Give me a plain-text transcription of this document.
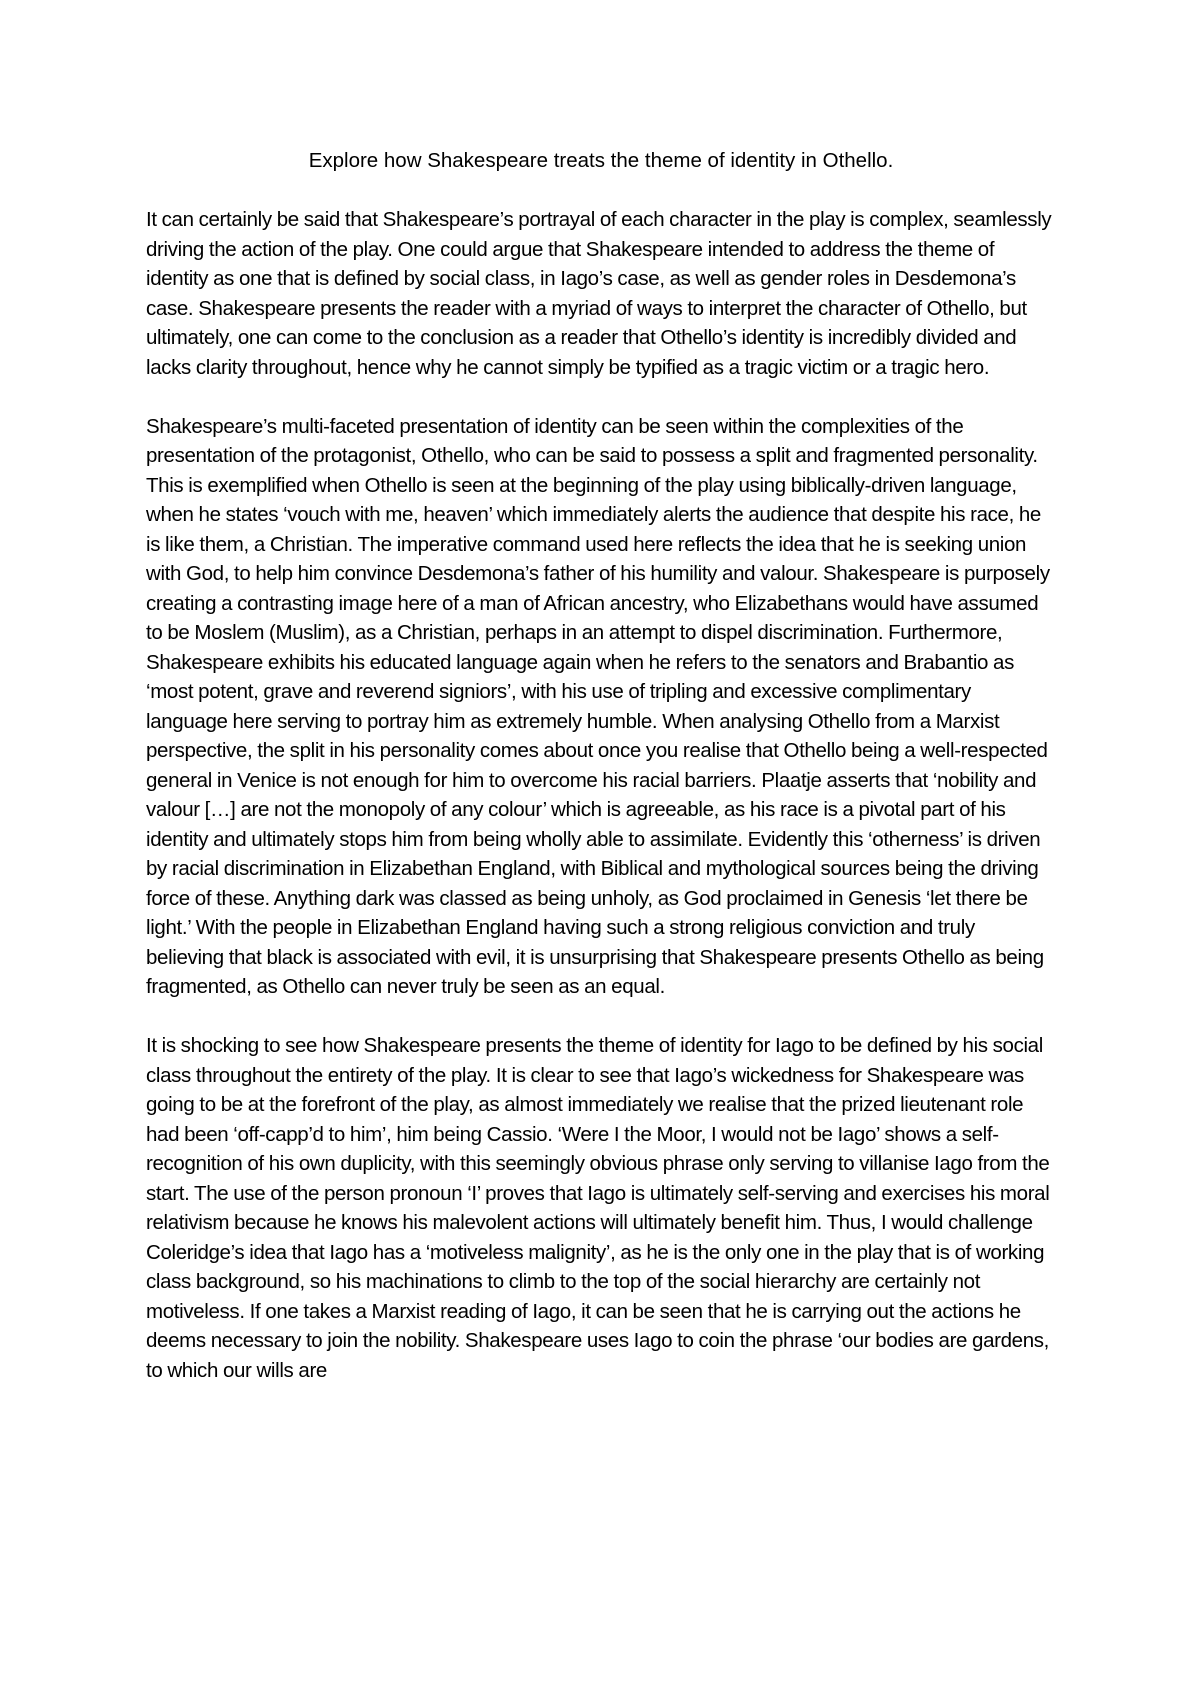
Explore how Shakespeare treats the theme of identity in Othello.

It can certainly be said that Shakespeare’s portrayal of each character in the play is complex, seamlessly driving the action of the play. One could argue that Shakespeare intended to address the theme of identity as one that is defined by social class, in Iago’s case, as well as gender roles in Desdemona’s case. Shakespeare presents the reader with a myriad of ways to interpret the character of Othello, but ultimately, one can come to the conclusion as a reader that Othello’s identity is incredibly divided and lacks clarity throughout, hence why he cannot simply be typified as a tragic victim or a tragic hero.

Shakespeare’s multi-faceted presentation of identity can be seen within the complexities of the presentation of the protagonist, Othello, who can be said to possess a split and fragmented personality. This is exemplified when Othello is seen at the beginning of the play using biblically-driven language, when he states ‘vouch with me, heaven’ which immediately alerts the audience that despite his race, he is like them, a Christian. The imperative command used here reflects the idea that he is seeking union with God, to help him convince Desdemona’s father of his humility and valour. Shakespeare is purposely creating a contrasting image here of a man of African ancestry, who Elizabethans would have assumed to be Moslem (Muslim), as a Christian, perhaps in an attempt to dispel discrimination. Furthermore, Shakespeare exhibits his educated language again when he refers to the senators and Brabantio as ‘most potent, grave and reverend signiors’, with his use of tripling and excessive complimentary language here serving to portray him as extremely humble. When analysing Othello from a Marxist perspective, the split in his personality comes about once you realise that Othello being a well-respected general in Venice is not enough for him to overcome his racial barriers. Plaatje asserts that ‘nobility and valour […] are not the monopoly of any colour’ which is agreeable, as his race is a pivotal part of his identity and ultimately stops him from being wholly able to assimilate. Evidently this ‘otherness’ is driven by racial discrimination in Elizabethan England, with Biblical and mythological sources being the driving force of these. Anything dark was classed as being unholy, as God proclaimed in Genesis ‘let there be light.’ With the people in Elizabethan England having such a strong religious conviction and truly believing that black is associated with evil, it is unsurprising that Shakespeare presents Othello as being fragmented, as Othello can never truly be seen as an equal.

It is shocking to see how Shakespeare presents the theme of identity for Iago to be defined by his social class throughout the entirety of the play. It is clear to see that Iago’s wickedness for Shakespeare was going to be at the forefront of the play, as almost immediately we realise that the prized lieutenant role had been ‘off-capp’d to him’, him being Cassio. ‘Were I the Moor, I would not be Iago’ shows a self-recognition of his own duplicity, with this seemingly obvious phrase only serving to villanise Iago from the start. The use of the person pronoun ‘I’ proves that Iago is ultimately self-serving and exercises his moral relativism because he knows his malevolent actions will ultimately benefit him. Thus, I would challenge Coleridge’s idea that Iago has a ‘motiveless malignity’, as he is the only one in the play that is of working class background, so his machinations to climb to the top of the social hierarchy are certainly not motiveless. If one takes a Marxist reading of Iago, it can be seen that he is carrying out the actions he deems necessary to join the nobility. Shakespeare uses Iago to coin the phrase ‘our bodies are gardens, to which our wills are
